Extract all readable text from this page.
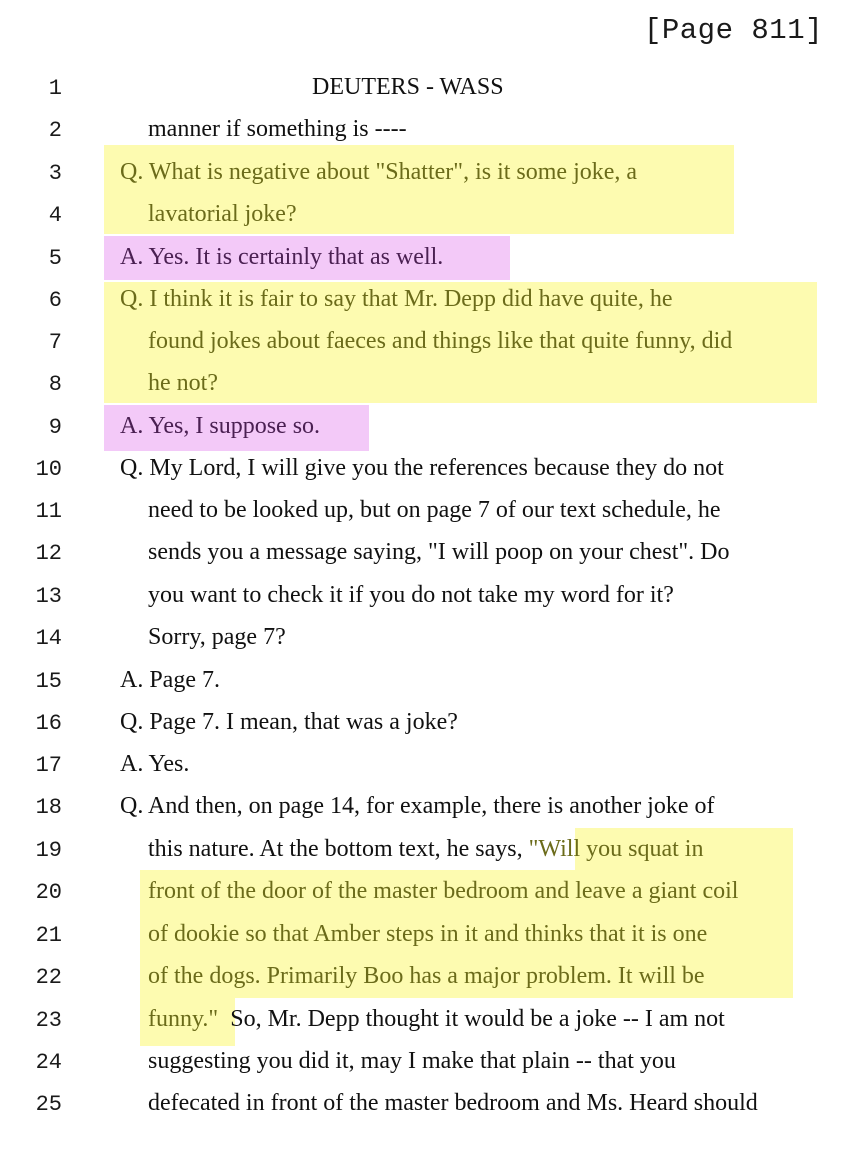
[Page 811]
1	DEUTERS - WASS
2	manner if something is ----
3 Q. What is negative about "Shatter", is it some joke, a
4	lavatorial joke?
5 A. Yes. It is certainly that as well.
6 Q. I think it is fair to say that Mr. Depp did have quite, he
7	found jokes about faeces and things like that quite funny, did
8	he not?
9 A. Yes, I suppose so.
10 Q. My Lord, I will give you the references because they do not
11	need to be looked up, but on page 7 of our text schedule, he
12	sends you a message saying, "I will poop on your chest". Do
13	you want to check it if you do not take my word for it?
14	Sorry, page 7?
15 A. Page 7.
16 Q. Page 7. I mean, that was a joke?
17 A. Yes.
18 Q. And then, on page 14, for example, there is another joke of
19	this nature. At the bottom text, he says, "Will you squat in
20	front of the door of the master bedroom and leave a giant coil
21	of dookie so that Amber steps in it and thinks that it is one
22	of the dogs. Primarily Boo has a major problem. It will be
23	funny."  So, Mr. Depp thought it would be a joke -- I am not
24	suggesting you did it, may I make that plain -- that you
25	defecated in front of the master bedroom and Ms. Heard should
